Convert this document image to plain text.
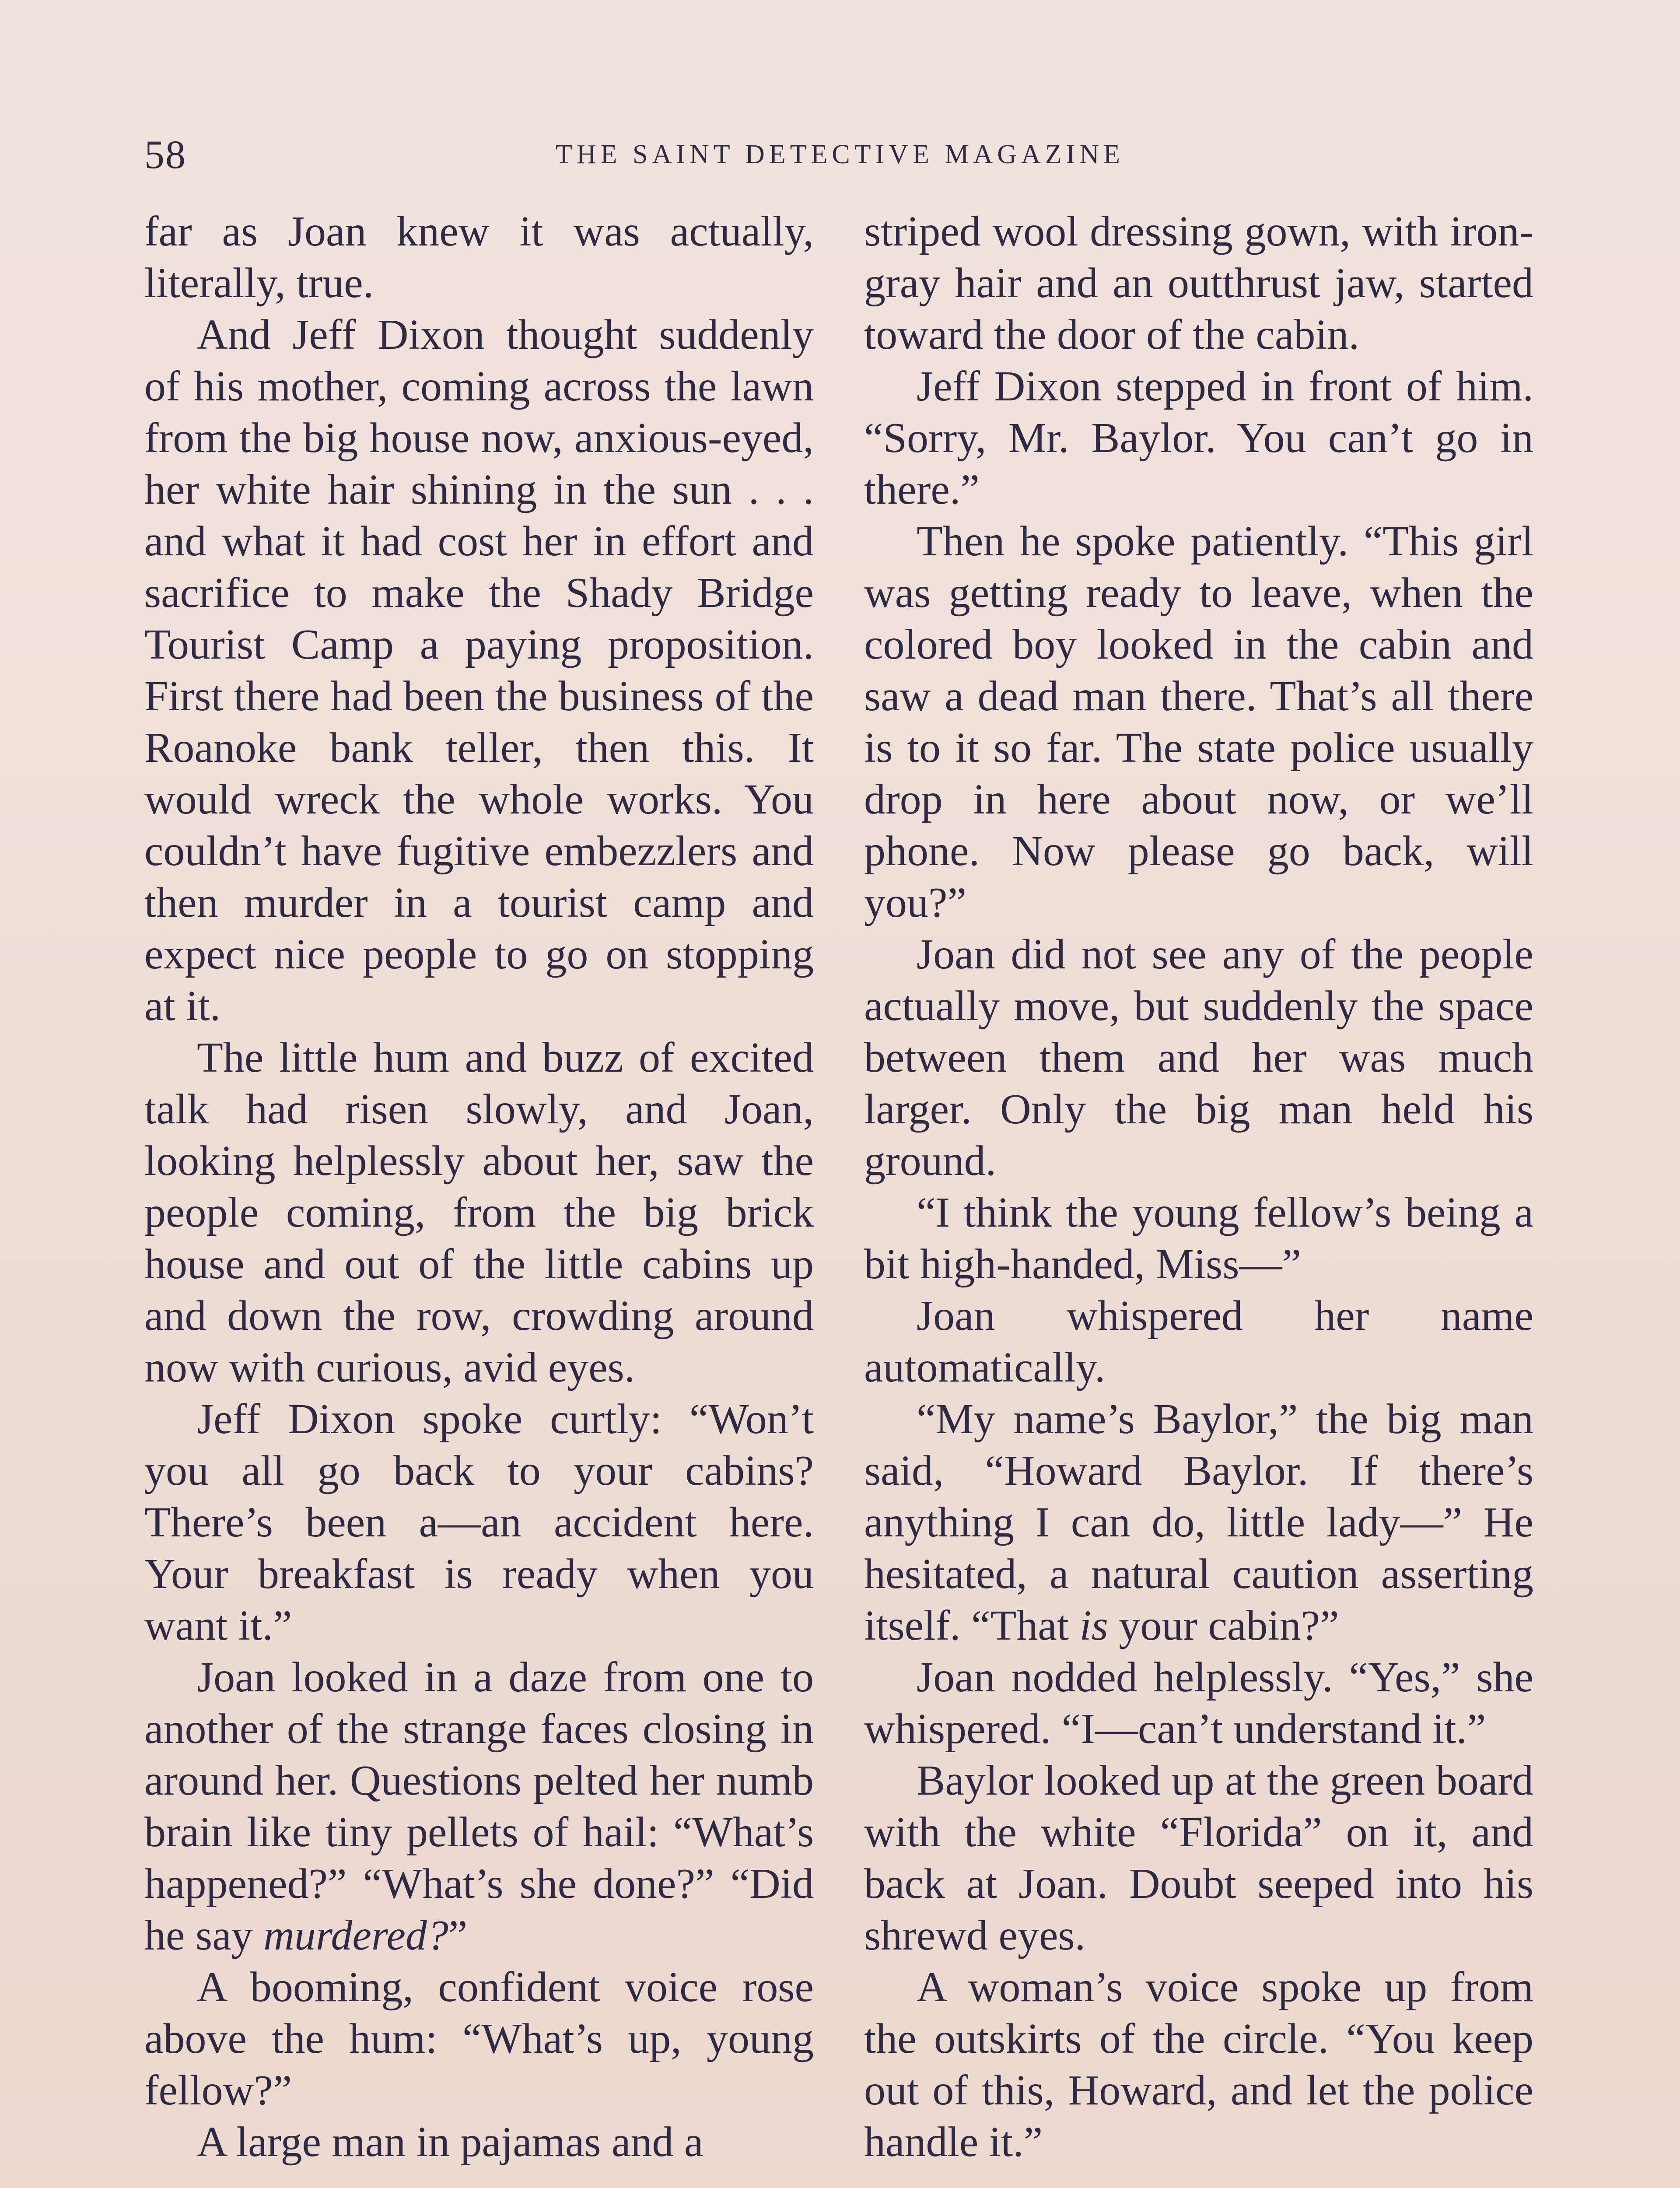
58	THE SAINT DETECTIVE MAGAZINE

far as Joan knew it was actually, literally, true.

And Jeff Dixon thought suddenly of his mother, coming across the lawn from the big house now, anxious-eyed, her white hair shining in the sun . . . and what it had cost her in effort and sacrifice to make the Shady Bridge Tourist Camp a paying proposition. First there had been the business of the Roanoke bank teller, then this. It would wreck the whole works. You couldn’t have fugitive embezzlers and then murder in a tourist camp and expect nice people to go on stopping at it.

The little hum and buzz of excited talk had risen slowly, and Joan, looking helplessly about her, saw the people coming, from the big brick house and out of the little cabins up and down the row, crowding around now with curious, avid eyes.

Jeff Dixon spoke curtly: “Won’t you all go back to your cabins? There’s been a—an accident here. Your breakfast is ready when you want it.”

Joan looked in a daze from one to another of the strange faces closing in around her. Questions pelted her numb brain like tiny pellets of hail: “What’s happened?” “What’s she done?” “Did he say murdered?”

A booming, confident voice rose above the hum: “What’s up, young fellow?”

A large man in pajamas and a

striped wool dressing gown, with iron-gray hair and an outthrust jaw, started toward the door of the cabin.

Jeff Dixon stepped in front of him. “Sorry, Mr. Baylor. You can’t go in there.”

Then he spoke patiently. “This girl was getting ready to leave, when the colored boy looked in the cabin and saw a dead man there. That’s all there is to it so far. The state police usually drop in here about now, or we’ll phone. Now please go back, will you?”

Joan did not see any of the people actually move, but suddenly the space between them and her was much larger. Only the big man held his ground.

“I think the young fellow’s being a bit high-handed, Miss—”

Joan whispered her name automatically.

“My name’s Baylor,” the big man said, “Howard Baylor. If there’s anything I can do, little lady—” He hesitated, a natural caution asserting itself. “That is your cabin?”

Joan nodded helplessly. “Yes,” she whispered. “I—can’t understand it.”

Baylor looked up at the green board with the white “Florida” on it, and back at Joan. Doubt seeped into his shrewd eyes.

A woman’s voice spoke up from the outskirts of the circle. “You keep out of this, Howard, and let the police handle it.”
